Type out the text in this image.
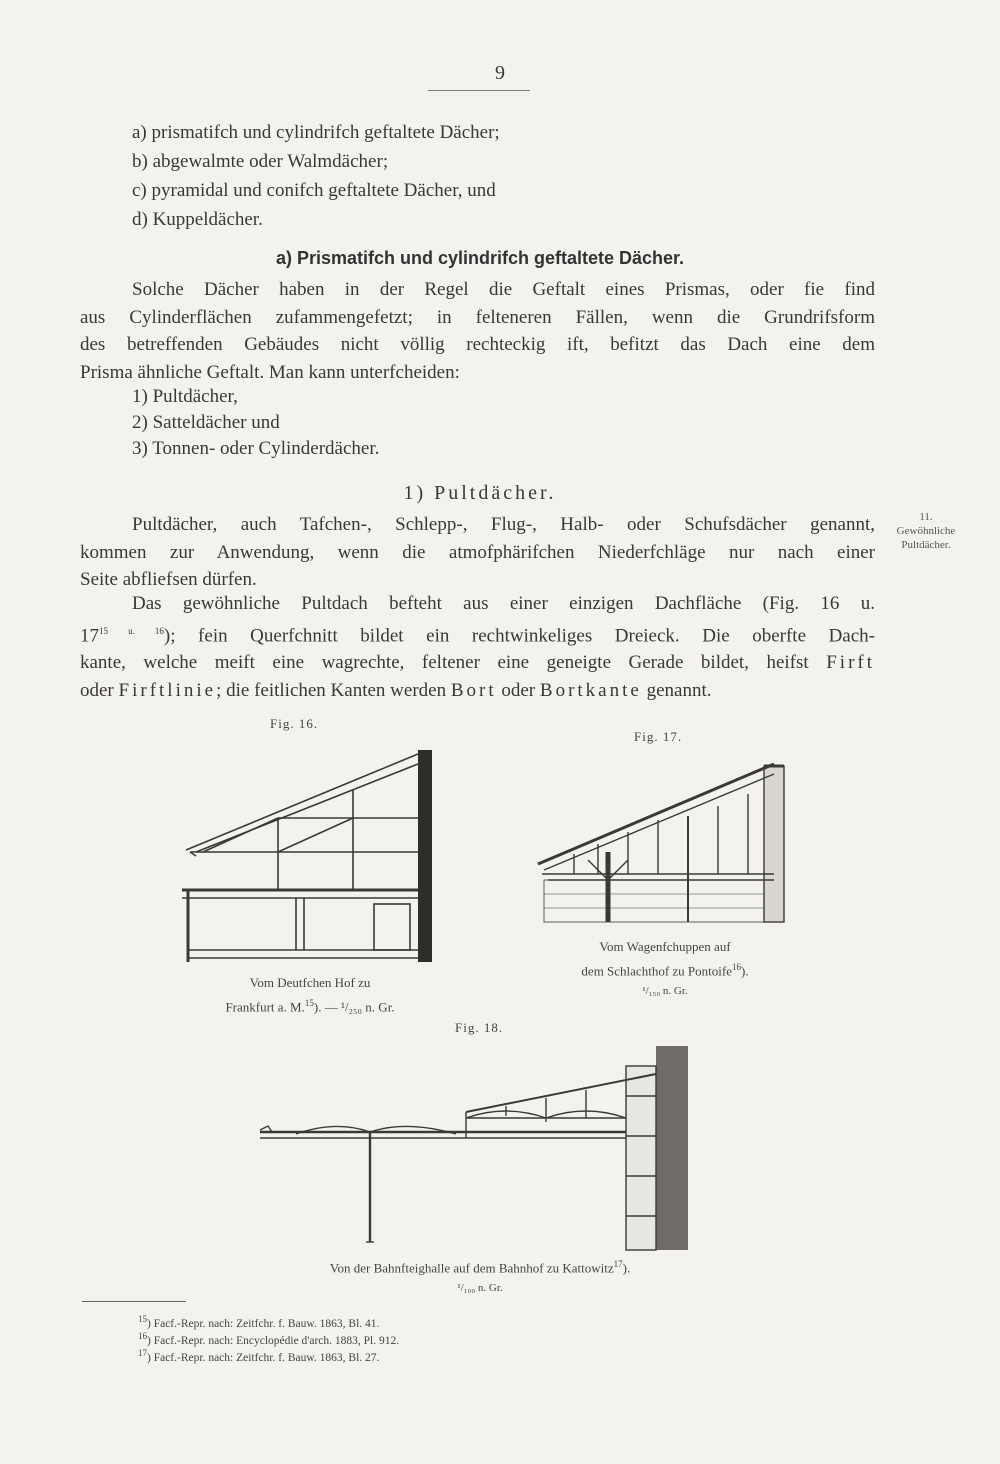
9
a) prismatifch und cylindrifch geftaltete Dächer;
b) abgewalmte oder Walmdächer;
c) pyramidal und conifch geftaltete Dächer, und
d) Kuppeldächer.
a) Prismatifch und cylindrifch geftaltete Dächer.
Solche Dächer haben in der Regel die Geftalt eines Prismas, oder fie find
aus Cylinderflächen zufammengefetzt; in felteneren Fällen, wenn die Grundrifsform
des betreffenden Gebäudes nicht völlig rechteckig ift, befitzt das Dach eine dem
Prisma ähnliche Geftalt. Man kann unterfcheiden:
1) Pultdächer,
2) Satteldächer und
3) Tonnen- oder Cylinderdächer.
1) Pultdächer.
11.
Gewöhnliche
Pultdächer.
Pultdächer, auch Tafchen-, Schlepp-, Flug-, Halb- oder Schufsdächer genannt,
kommen zur Anwendung, wenn die atmofphärifchen Niederfchläge nur nach einer
Seite abfliefsen dürfen.
Das gewöhnliche Pultdach befteht aus einer einzigen Dachfläche (Fig. 16 u.
$17^{15 u. 16}$); fein Querfchnitt bildet ein rechtwinkeliges Dreieck. Die oberfte Dach-
kante, welche meift eine wagrechte, feltener eine geneigte Gerade bildet, heifst Firft
oder Firftlinie; die feitlichen Kanten werden Bort oder Bortkante genannt.
Fig. 16.
Vom Deutfchen Hof zu
Frankfurt a. M.$^{15}$). — ¹/₂₅₀ n. Gr.
Fig. 17.
Vom Wagenfchuppen auf
dem Schlachthof zu Pontoife$^{16}$).
¹/₁₅₀ n. Gr.
Fig. 18.
Von der Bahnfteighalle auf dem Bahnhof zu Kattowitz$^{17}$).
¹/₁₀₀ n. Gr.
$^{15}$) Facf.-Repr. nach: Zeitfchr. f. Bauw. 1863, Bl. 41.
$^{16}$) Facf.-Repr. nach: Encyclopédie d'arch. 1883, Pl. 912.
$^{17}$) Facf.-Repr. nach: Zeitfchr. f. Bauw. 1863, Bl. 27.
